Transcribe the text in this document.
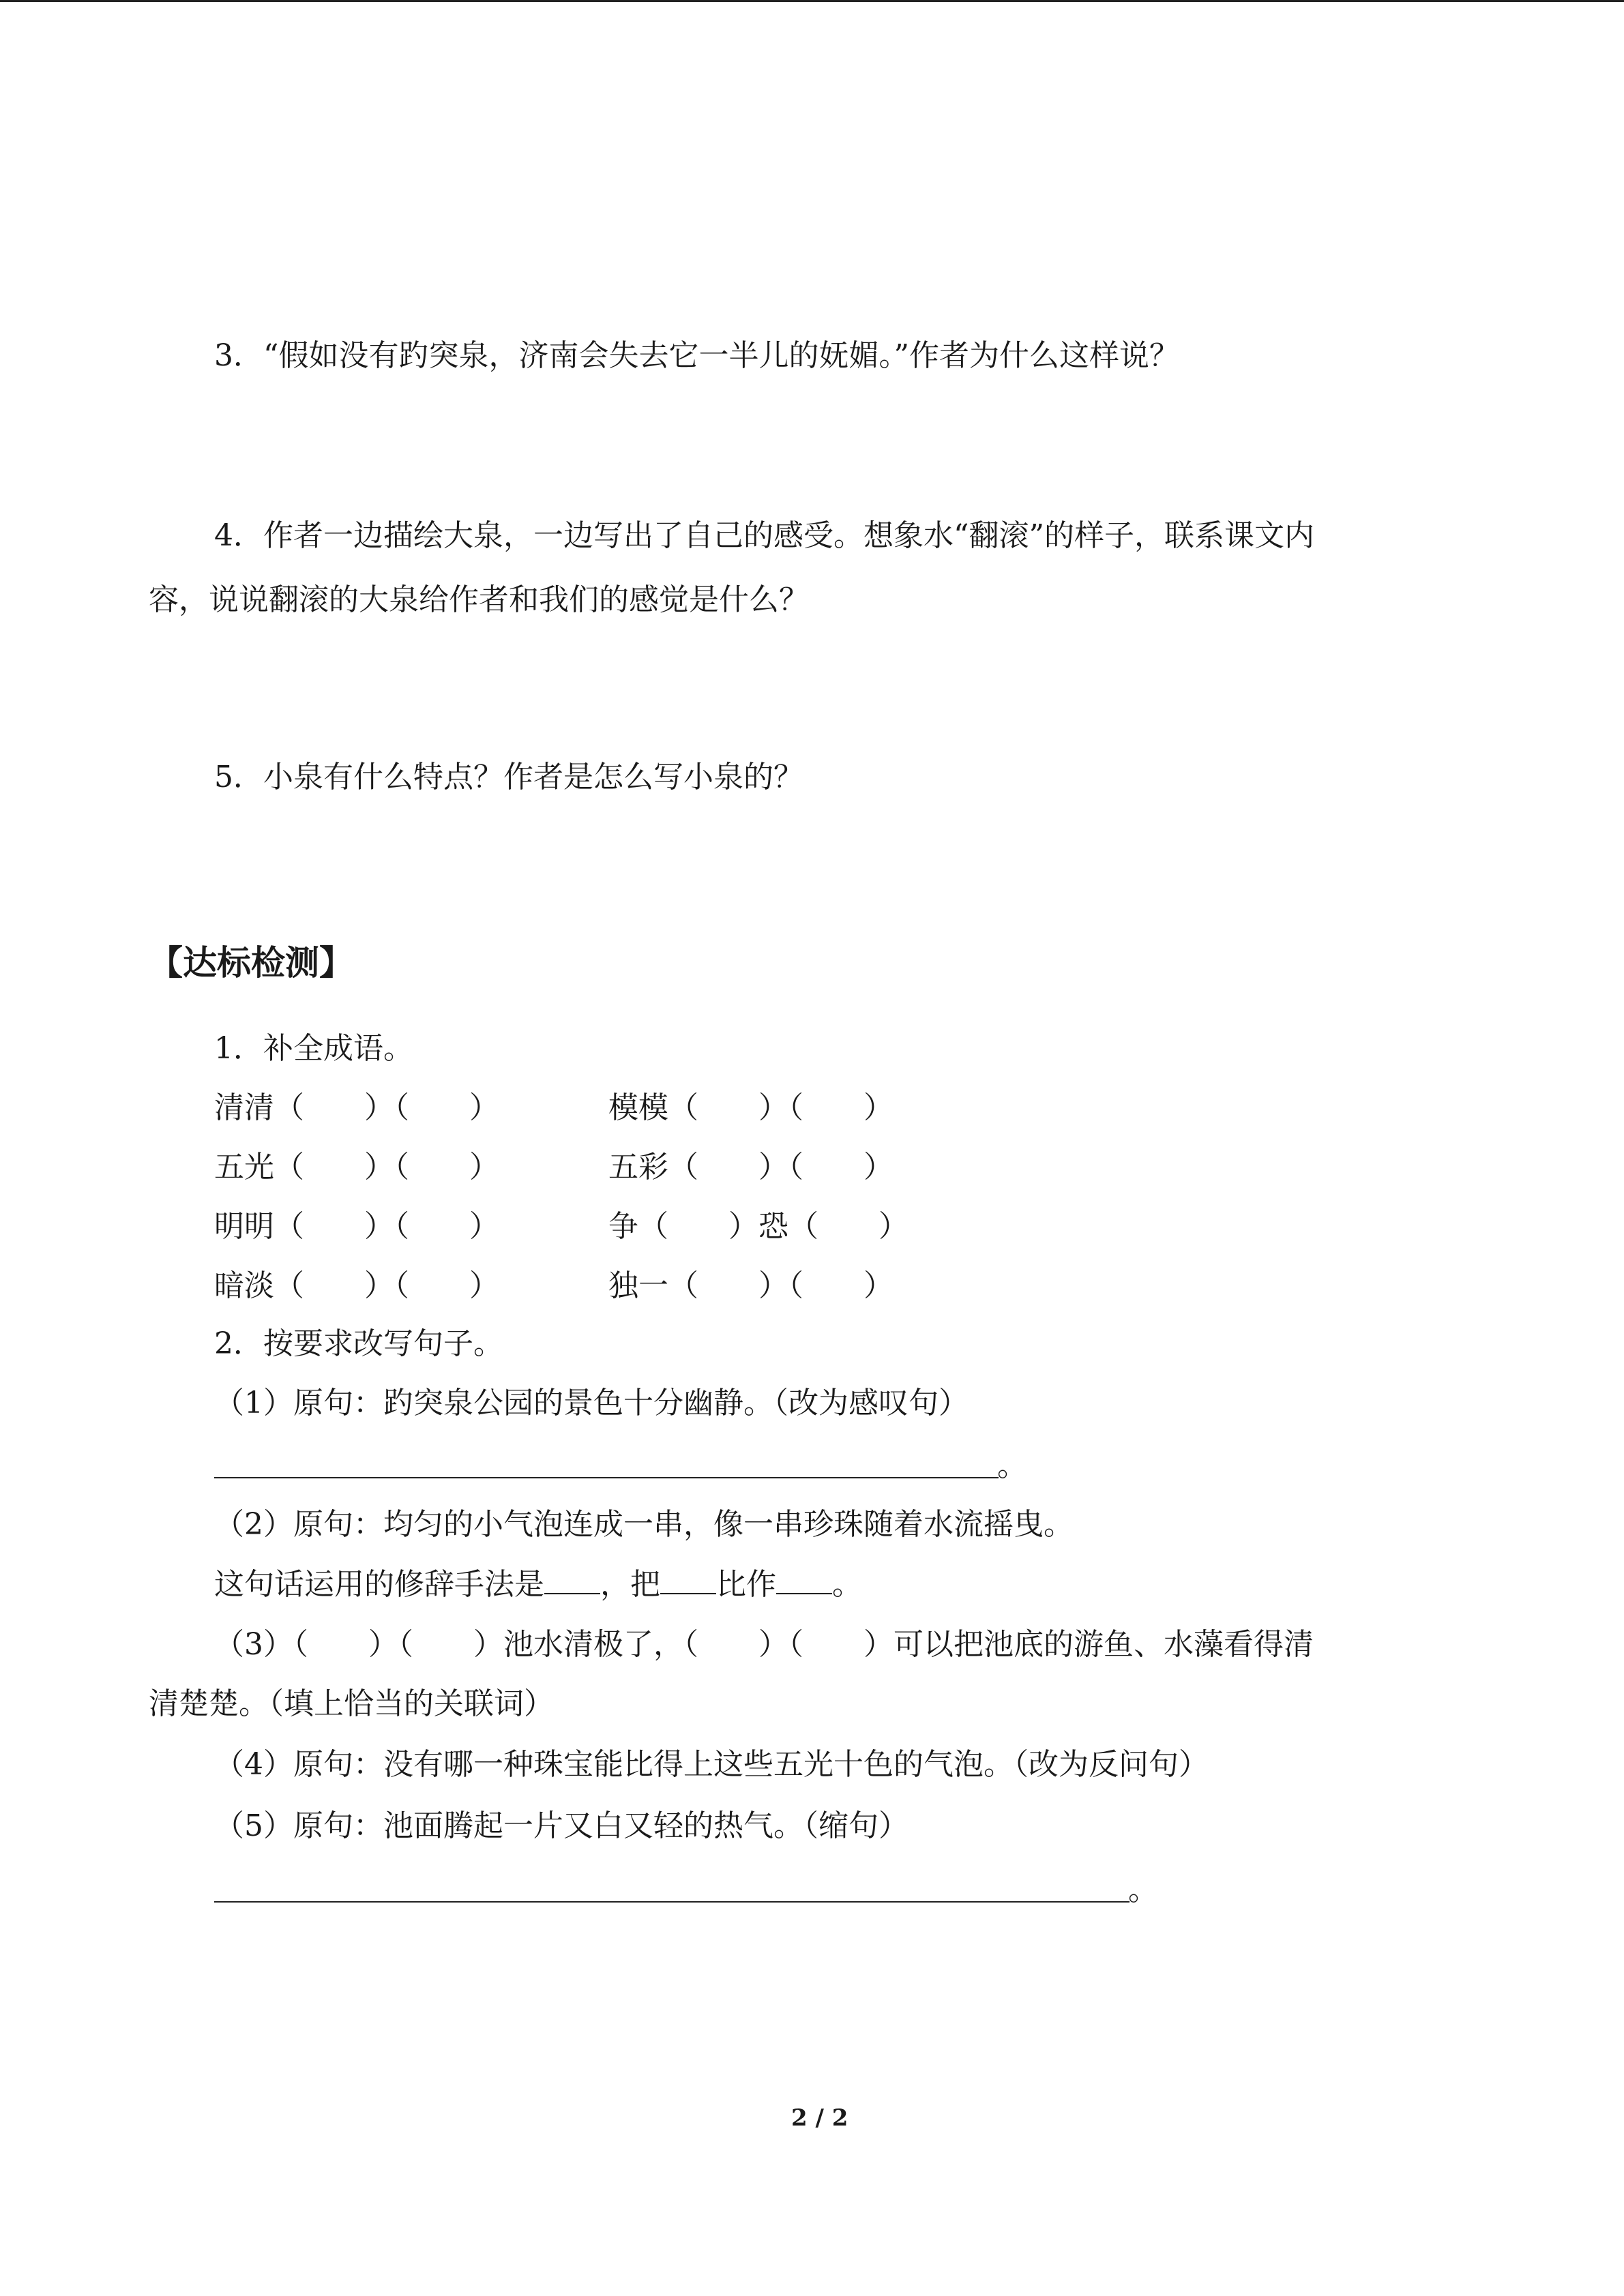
3．“假如没有趵突泉，济南会失去它一半儿的妩媚。”作者为什么这样说？
4．作者一边描绘大泉，一边写出了自己的感受。想象水“翻滚”的样子，联系课文内
容，说说翻滚的大泉给作者和我们的感觉是什么？
5．小泉有什么特点？作者是怎么写小泉的？
【达标检测】
1．补全成语。
清清（　　）（　　）	模模（　　）（　　）
五光（　　）（　　）	五彩（　　）（　　）
明明（　　）（　　）	争（　　）恐（　　）
暗淡（　　）（　　）	独一（　　）（　　）
2．按要求改写句子。
（1）原句：趵突泉公园的景色十分幽静。（改为感叹句）
。
（2）原句：均匀的小气泡连成一串，像一串珍珠随着水流摇曳。
这句话运用的修辞手法是 ，把 比作 。
（3）（　　）（　　）池水清极了，（　　）（　　）可以把池底的游鱼、水藻看得清
清楚楚。（填上恰当的关联词）
（4）原句：没有哪一种珠宝能比得上这些五光十色的气泡。（改为反问句）
（5）原句：池面腾起一片又白又轻的热气。（缩句）
。
2 / 2
